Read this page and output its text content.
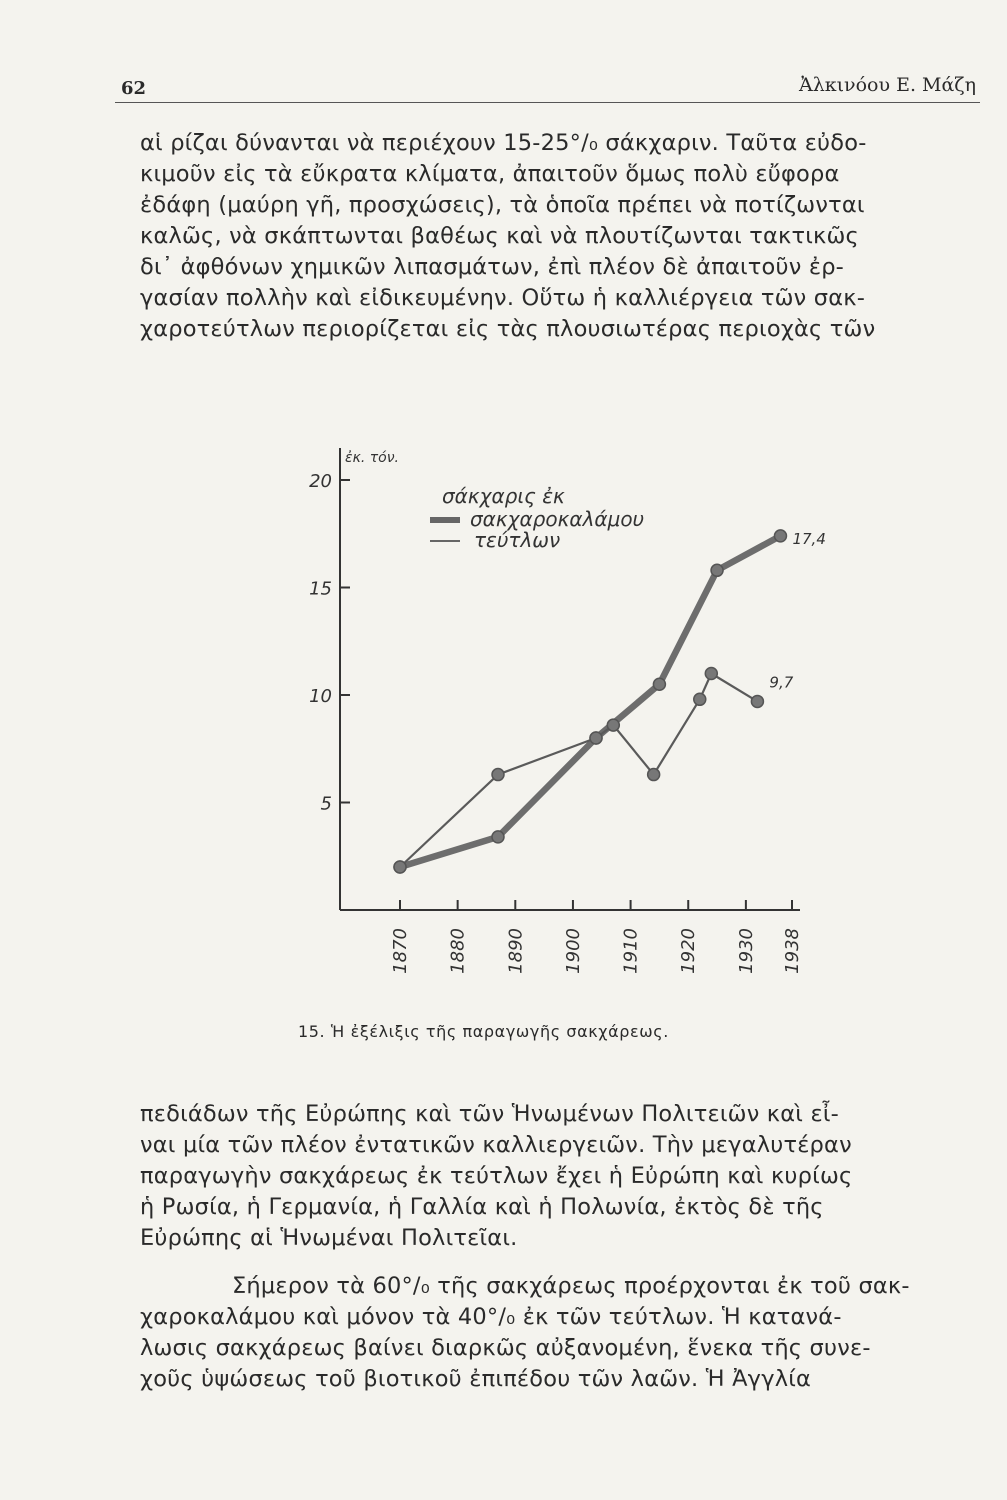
62	Ἀλκινόου Ε. Μάζη

αἱ ρίζαι δύνανται νὰ περιέχουν 15-25°/₀ σάκχαριν. Ταῦτα εὐδο-
κιμοῦν εἰς τὰ εὔκρατα κλίματα, ἀπαιτοῦν ὅμως πολὺ εὔφορα
ἐδάφη (μαύρη γῆ, προσχώσεις), τὰ ὁποῖα πρέπει νὰ ποτίζωνται
καλῶς, νὰ σκάπτωνται βαθέως καὶ νὰ πλουτίζωνται τακτικῶς
δι᾽ ἀφθόνων χημικῶν λιπασμάτων, ἐπὶ πλέον δὲ ἀπαιτοῦν ἐρ-
γασίαν πολλὴν καὶ εἰδικευμένην. Οὕτω ἡ καλλιέργεια τῶν σακ-
χαροτεύτλων περιορίζεται εἰς τὰς πλουσιωτέρας περιοχὰς τῶν

5
10
15
20
1870 1880 1890 1900 1910 1920 1930 1938
17,4
9,7
ἐκ. τόν.
σάκχαρις ἐκ
σακχαροκαλάμου
τεύτλων
15. Ἡ ἐξέλιξις τῆς παραγωγῆς σακχάρεως.

πεδιάδων τῆς Εὐρώπης καὶ τῶν Ἡνωμένων Πολιτειῶν καὶ εἶ-
ναι μία τῶν πλέον ἐντατικῶν καλλιεργειῶν. Τὴν μεγαλυτέραν
παραγωγὴν σακχάρεως ἐκ τεύτλων ἔχει ἡ Εὐρώπη καὶ κυρίως
ἡ Ρωσία, ἡ Γερμανία, ἡ Γαλλία καὶ ἡ Πολωνία, ἐκτὸς δὲ τῆς
Εὐρώπης αἱ Ἡνωμέναι Πολιτεῖαι.

Σήμερον τὰ 60°/₀ τῆς σακχάρεως προέρχονται ἐκ τοῦ σακ-
χαροκαλάμου καὶ μόνον τὰ 40°/₀ ἐκ τῶν τεύτλων. Ἡ κατανά-
λωσις σακχάρεως βαίνει διαρκῶς αὐξανομένη, ἕνεκα τῆς συνε-
χοῦς ὑψώσεως τοῦ βιοτικοῦ ἐπιπέδου τῶν λαῶν. Ἡ Ἀγγλία
